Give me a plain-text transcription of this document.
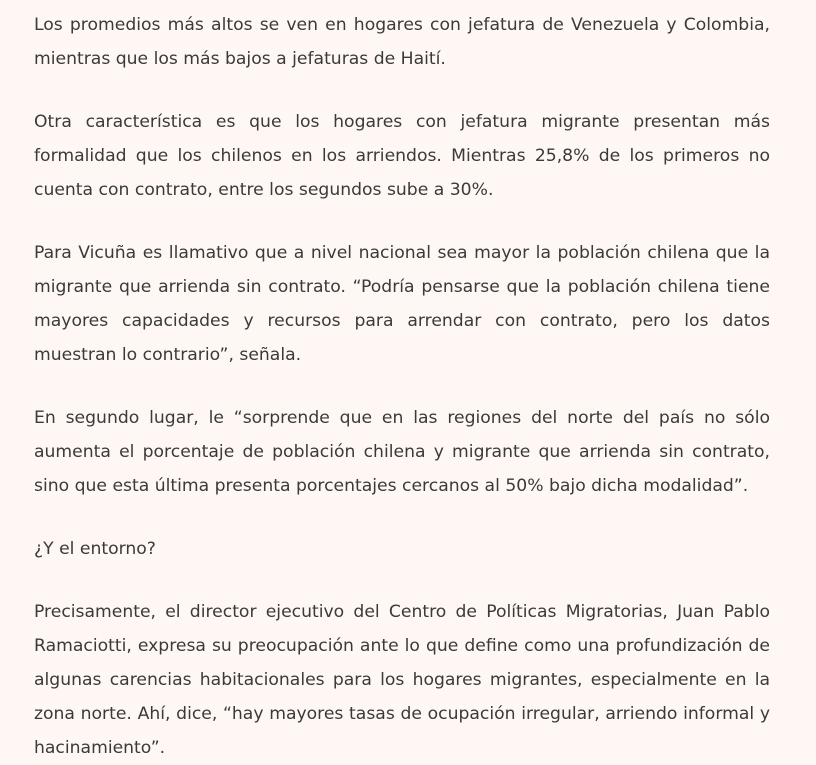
Los promedios más altos se ven en hogares con jefatura de Venezuela y Colombia, mientras que los más bajos a jefaturas de Haití.

Otra característica es que los hogares con jefatura migrante presentan más formalidad que los chilenos en los arriendos. Mientras 25,8% de los primeros no cuenta con contrato, entre los segundos sube a 30%.

Para Vicuña es llamativo que a nivel nacional sea mayor la población chilena que la migrante que arrienda sin contrato. “Podría pensarse que la población chilena tiene mayores capacidades y recursos para arrendar con contrato, pero los datos muestran lo contrario”, señala.

En segundo lugar, le “sorprende que en las regiones del norte del país no sólo aumenta el porcentaje de población chilena y migrante que arrienda sin contrato, sino que esta última presenta porcentajes cercanos al 50% bajo dicha modalidad”.

¿Y el entorno?

Precisamente, el director ejecutivo del Centro de Políticas Migratorias, Juan Pablo Ramaciotti, expresa su preocupación ante lo que define como una profundización de algunas carencias habitacionales para los hogares migrantes, especialmente en la zona norte. Ahí, dice, “hay mayores tasas de ocupación irregular, arriendo informal y hacinamiento”.
